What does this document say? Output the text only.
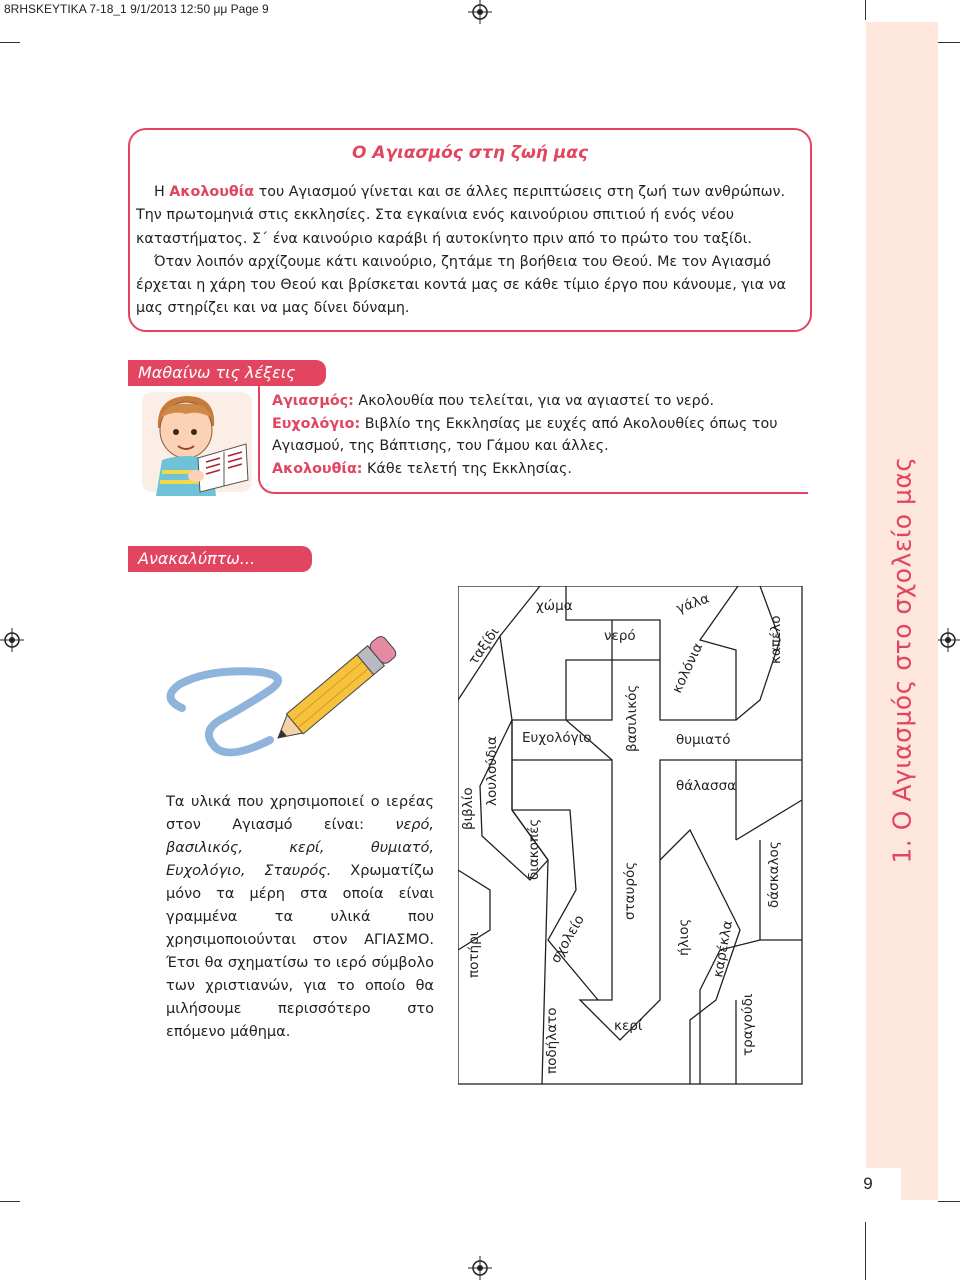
8RHSKEYTIKA 7-18_1 9/1/2013 12:50 μμ Page 9
1. Ο Αγιασμός στο σχολείο μας
9
Ο Αγιασμός στη ζωή μας
Η Ακολουθία του Αγιασμού γίνεται και σε άλλες περιπτώσεις στη ζωή των ανθρώπων. Την πρωτομηνιά στις εκκλησίες. Στα εγκαίνια ενός καινούριου σπιτιού ή ενός νέου καταστήματος. Σ΄ ένα καινούριο καράβι ή αυτοκίνητο πριν από το πρώτο του ταξίδι.
Όταν λοιπόν αρχίζουμε κάτι καινούριο, ζητάμε τη βοήθεια του Θεού. Με τον Αγιασμό έρχεται η χάρη του Θεού και βρίσκεται κοντά μας σε κάθε τίμιο έργο που κάνουμε, για να μας στηρίζει και να μας δίνει δύναμη.
Μαθαίνω τις λέξεις
Αγιασμός: Ακολουθία που τελείται, για να αγιαστεί το νερό.
Ευχολόγιο: Βιβλίο της Εκκλησίας με ευχές από Ακολουθίες όπως του Αγιασμού, της Βάπτισης, του Γάμου και άλλες.
Ακολουθία: Κάθε τελετή της Εκκλησίας.
Ανακαλύπτω...
Τα υλικά που χρησιμοποιεί ο ιερέας στον Αγιασμό είναι: νερό, βασιλικός, κερί, θυμιατό, Ευχολόγιο, Σταυρός. Χρωματίζω μόνο τα μέρη στα οποία είναι γραμμένα τα υλικά που χρησιμοποιούνται στον ΑΓΙΑΣΜΟ. Έτσι θα σχηματίσω το ιερό σύμβολο των χριστιανών, για το οποίο θα μιλήσουμε περισσότερο στο επόμενο μάθημα.
χώμα	γάλα
ταξίδι	νερό	καπέλο
κολόνια
βασιλικός
λουλούδια Ευχολόγιο	θυμιατό
βιβλίο
θάλασσα
διακοπές	δάσκαλος
σταυρός
ήλιος
ποτήρι	σχολείο	καρέκλα
κερί
ποδήλατο	τραγούδι
